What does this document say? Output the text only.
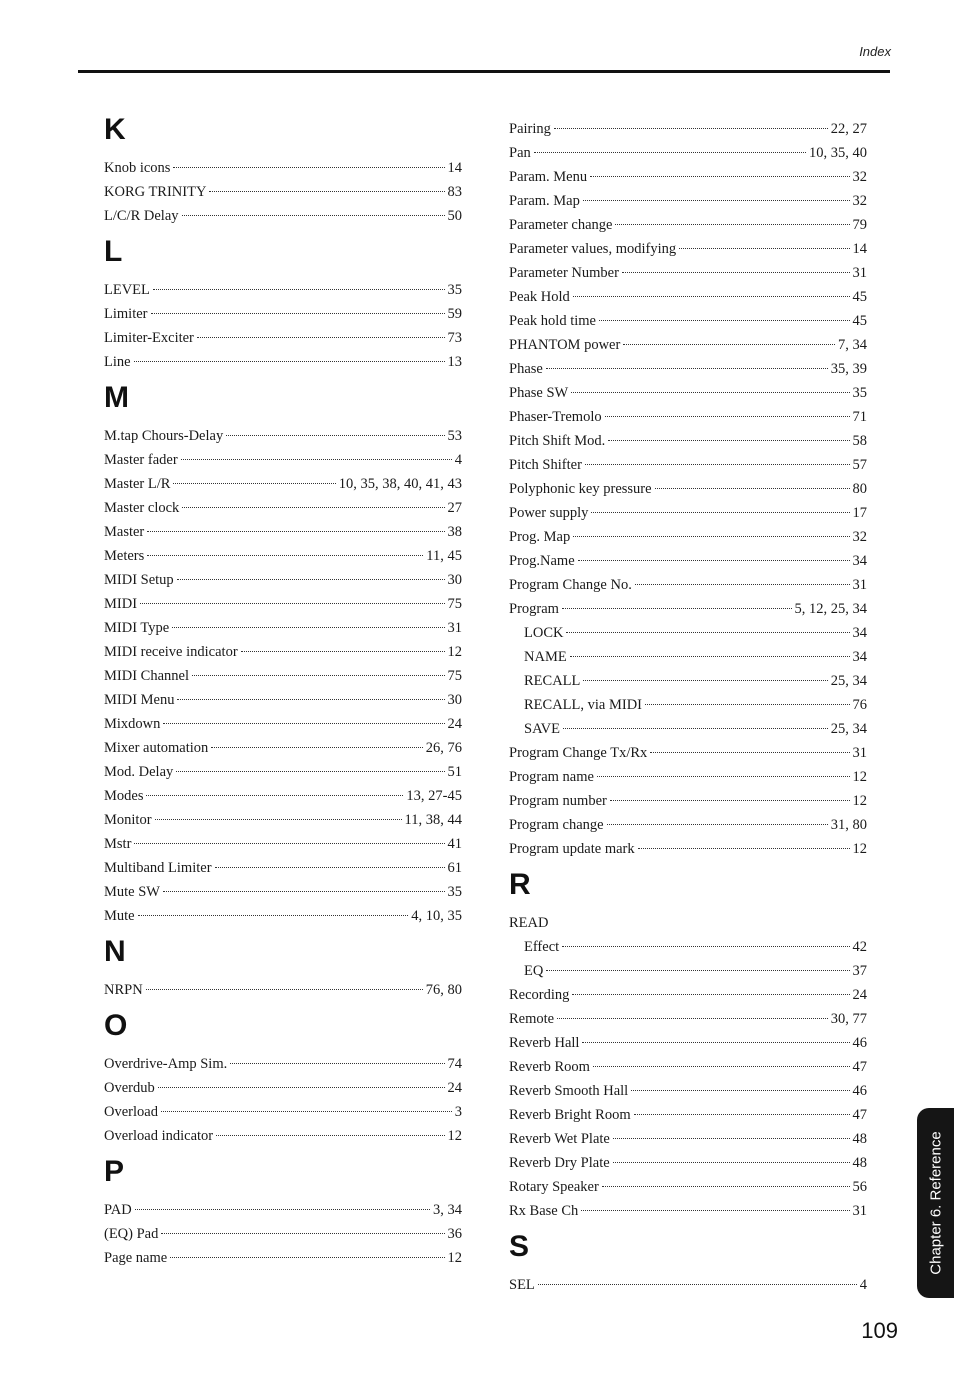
Index
K
Knob icons	14
KORG TRINITY	83
L/C/R Delay	50
L
LEVEL	35
Limiter	59
Limiter-Exciter	73
Line	13
M
M.tap Chours-Delay	53
Master fader	4
Master L/R	10, 35, 38, 40, 41, 43
Master clock	27
Master	38
Meters	11, 45
MIDI Setup	30
MIDI	75
MIDI Type	31
MIDI receive indicator	12
MIDI Channel	75
MIDI Menu	30
Mixdown	24
Mixer automation	26, 76
Mod. Delay	51
Modes	13, 27-45
Monitor	11, 38, 44
Mstr	41
Multiband Limiter	61
Mute SW	35
Mute	4, 10, 35
N
NRPN	76, 80
O
Overdrive-Amp Sim.	74
Overdub	24
Overload	3
Overload indicator	12
P
PAD	3, 34
(EQ) Pad	36
Page name	12
Pairing	22, 27
Pan	10, 35, 40
Param. Menu	32
Param. Map	32
Parameter change	79
Parameter values, modifying	14
Parameter Number	31
Peak Hold	45
Peak hold time	45
PHANTOM power	7, 34
Phase	35, 39
Phase SW	35
Phaser-Tremolo	71
Pitch Shift Mod.	58
Pitch Shifter	57
Polyphonic key pressure	80
Power supply	17
Prog. Map	32
Prog.Name	34
Program Change No.	31
Program	5, 12, 25, 34
LOCK	34
NAME	34
RECALL	25, 34
RECALL, via MIDI	76
SAVE	25, 34
Program Change Tx/Rx	31
Program name	12
Program number	12
Program change	31, 80
Program update mark	12
R
READ
Effect	42
EQ	37
Recording	24
Remote	30, 77
Reverb Hall	46
Reverb Room	47
Reverb Smooth Hall	46
Reverb Bright Room	47
Reverb Wet Plate	48
Reverb Dry Plate	48
Rotary Speaker	56
Rx Base Ch	31
S
SEL	4
Chapter 6. Reference
109
